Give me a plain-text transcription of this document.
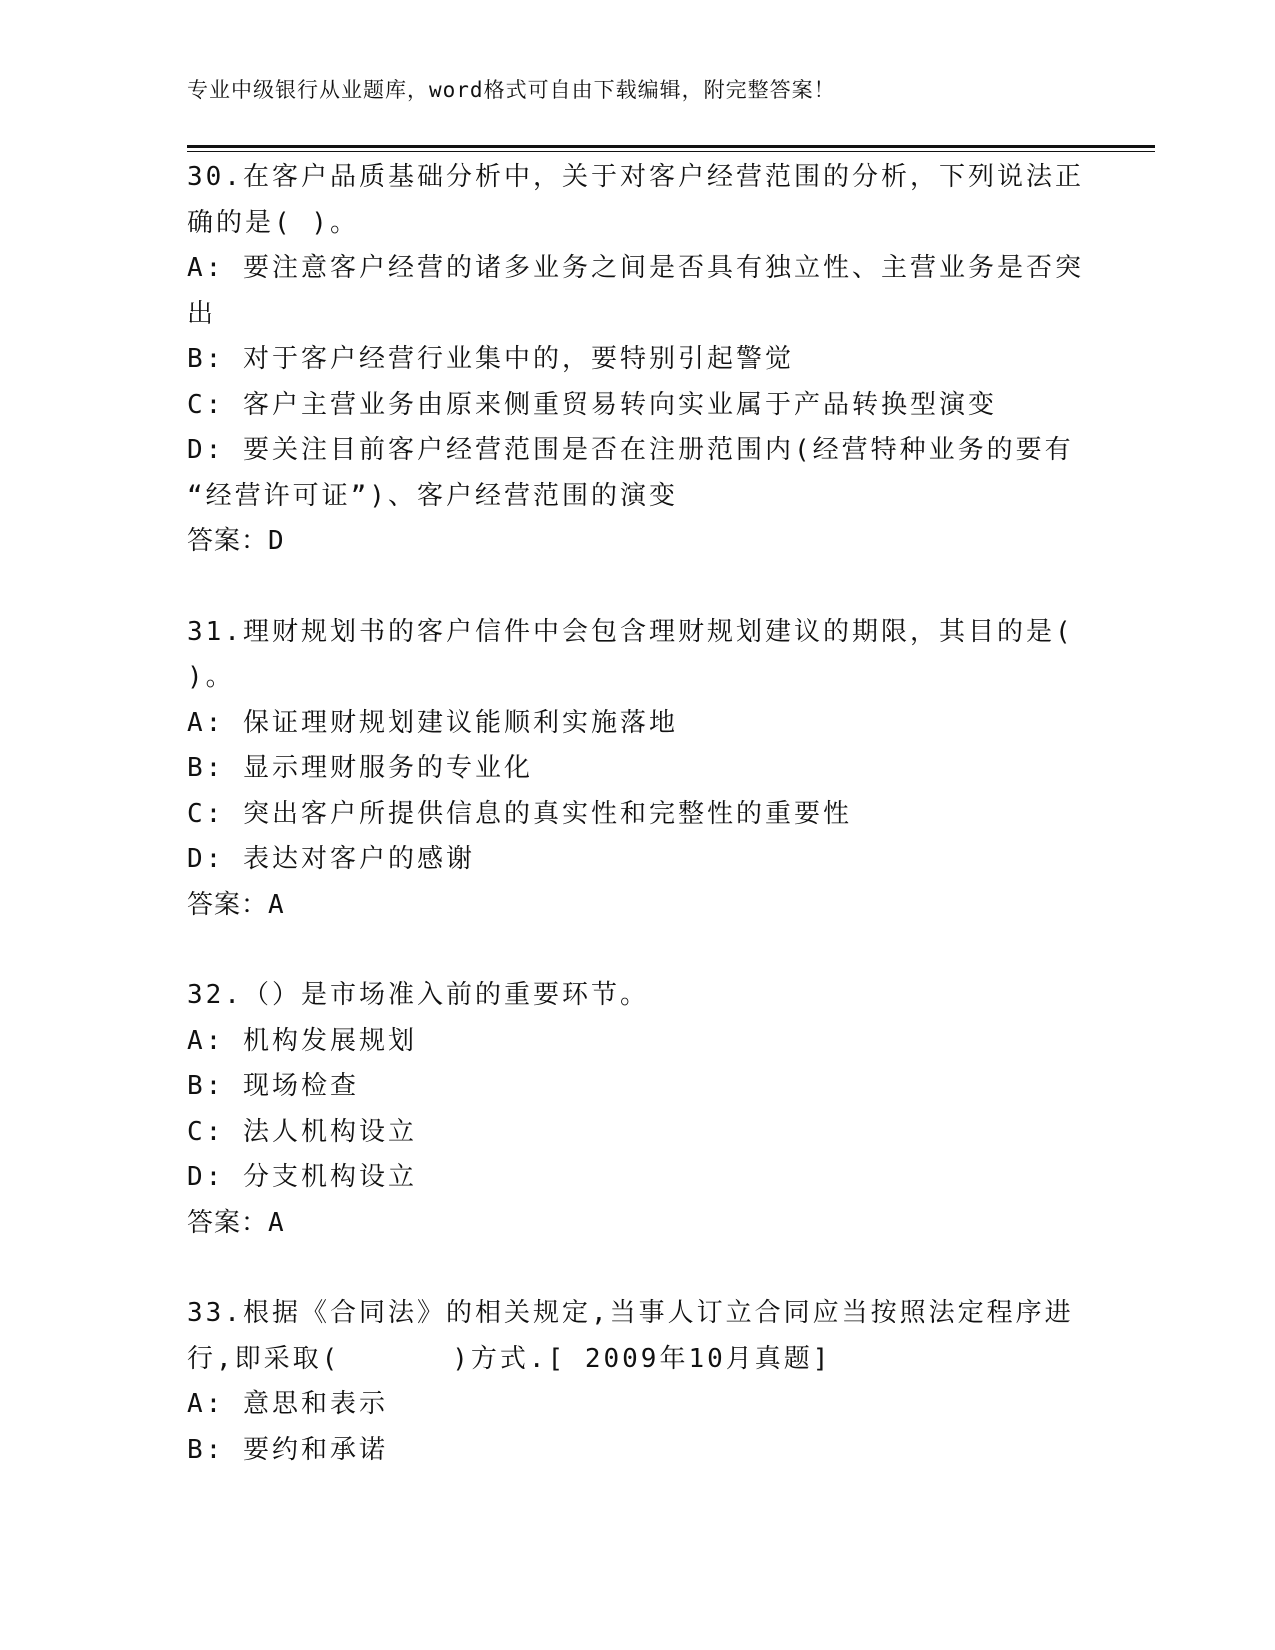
专业中级银行从业题库，word格式可自由下载编辑，附完整答案！
30.在客户品质基础分析中，关于对客户经营范围的分析，下列说法正
确的是( )。
A: 要注意客户经营的诸多业务之间是否具有独立性、主营业务是否突
出
B: 对于客户经营行业集中的，要特别引起警觉
C: 客户主营业务由原来侧重贸易转向实业属于产品转换型演变
D: 要关注目前客户经营范围是否在注册范围内(经营特种业务的要有
“经营许可证”)、客户经营范围的演变
答案：D
31.理财规划书的客户信件中会包含理财规划建议的期限，其目的是(
)。
A: 保证理财规划建议能顺利实施落地
B: 显示理财服务的专业化
C: 突出客户所提供信息的真实性和完整性的重要性
D: 表达对客户的感谢
答案：A
32.（）是市场准入前的重要环节。
A: 机构发展规划
B: 现场检查
C: 法人机构设立
D: 分支机构设立
答案：A
33.根据《合同法》的相关规定,当事人订立合同应当按照法定程序进
行,即采取(      )方式.[ 2009年10月真题]
A: 意思和表示
B: 要约和承诺
